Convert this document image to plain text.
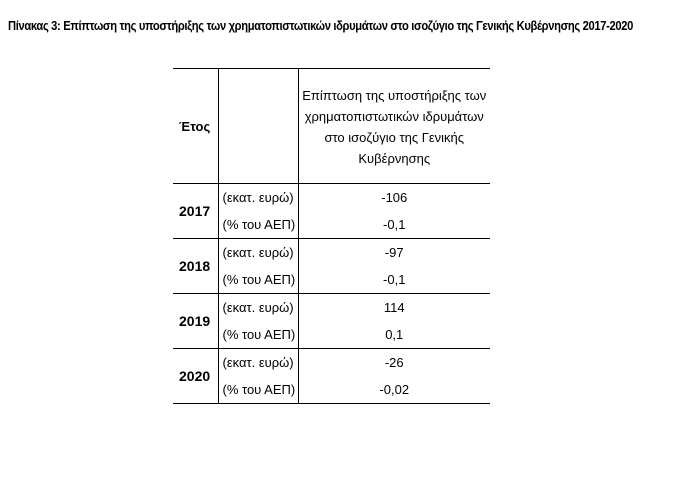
Πίνακας 3: Επίπτωση της υποστήριξης των χρηματοπιστωτικών ιδρυμάτων στο ισοζύγιο της Γενικής Κυβέρνησης 2017-2020
Έτος		Επίπτωση της υποστήριξης των
χρηματοπιστωτικών ιδρυμάτων
στο ισοζύγιο της Γενικής
Κυβέρνησης

2017	(εκατ. ευρώ)	-106
	(% του ΑΕΠ)	-0,1
2018	(εκατ. ευρώ)	-97
	(% του ΑΕΠ)	-0,1
2019	(εκατ. ευρώ)	114
	(% του ΑΕΠ)	0,1
2020	(εκατ. ευρώ)	-26
	(% του ΑΕΠ)	-0,02
